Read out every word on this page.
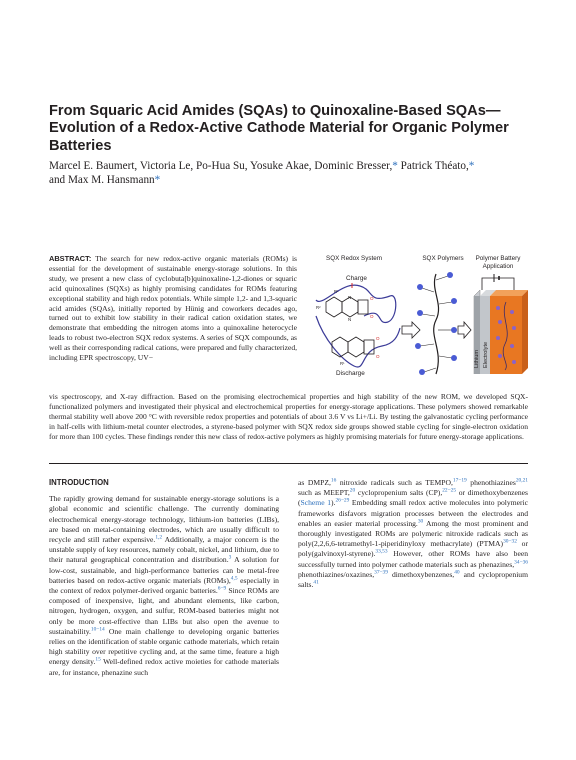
From Squaric Acid Amides (SQAs) to Quinoxaline-Based SQAs—Evolution of a Redox-Active Cathode Material for Organic Polymer Batteries

Marcel E. Baumert, Victoria Le, Po-Hua Su, Yosuke Akae, Dominic Bresser,* Patrick Théato,*
and Max M. Hansmann*

ABSTRACT: The search for new redox-active organic materials (ROMs) is essential for the development of sustainable energy-storage solutions. In this study, we present a new class of cyclobuta[b]quinoxaline-1,2-diones or squaric acid quinoxalines (SQXs) as highly promising candidates for ROMs featuring exceptional stability and high redox potentials. While simple 1,2- and 1,3-squaric acid amides (SQAs), initially reported by Hünig and coworkers decades ago, turned out to exhibit low stability in their radical cation oxidation states, we demonstrate that embedding the nitrogen atoms into a quinoxaline heterocycle leads to robust two-electron SQX redox systems. A series of SQX compounds, as well as their corresponding radical cations, were prepared and fully characterized, including EPR spectroscopy, UV−

SQX Redox System	SQX Polymers Polymer Battery
Application
Charge
Discharge
N
N
O
O
R²
R¹
O
O
R¹	Lithium Electrolyte

vis spectroscopy, and X-ray diffraction. Based on the promising electrochemical properties and high stability of the new ROM, we developed SQX-functionalized polymers and investigated their physical and electrochemical properties for energy-storage applications. These polymers showed remarkable thermal stability well above 200 °C with reversible redox properties and potentials of about 3.6 V vs Li+/Li. By testing the galvanostatic cycling performance in half-cells with lithium-metal counter electrodes, a styrene-based polymer with SQX redox side groups showed stable cycling for single-electron oxidation for more than 100 cycles. These findings render this new class of redox-active polymers as highly promising materials for future energy-storage applications.

INTRODUCTION

The rapidly growing demand for sustainable energy-storage solutions is a global economic and scientific challenge. The currently dominating electrochemical energy-storage technology, lithium-ion batteries (LIBs), are based on metal-containing electrodes, which are usually difficult to recycle and still rather expensive.$^{1,2}$ Additionally, a major concern is the unstable supply of key resources, namely cobalt, nickel, and lithium, due to their natural geographical concentration and distribution.$^3$ A solution for low-cost, sustainable, and high-performance batteries can be metal-free batteries based on redox-active organic materials (ROMs),$^{4,5}$ especially in the context of redox polymer-derived organic batteries.$^{6-9}$ Since ROMs are composed of inexpensive, light, and abundant elements, like carbon, nitrogen, hydrogen, oxygen, and sulfur, ROM-based batteries might not only be more cost-effective than LIBs but also open the avenue to sustainability.$^{10-14}$ One main challenge to developing organic batteries relies on the identification of stable organic cathode materials, which retain high stability over repetitive cycling and, at the same time, feature a high energy density.$^{15}$ Well-defined redox active moieties for cathode materials are, for instance, phenazine such

as DMPZ,$^{16}$ nitroxide radicals such as TEMPO,$^{17-19}$ phenothiazines$^{20,21}$ such as MEEPT,$^{20}$ cyclopropenium salts (CP),$^{22-25}$ or dimethoxybenzenes (Scheme 1).$^{26-29}$ Embedding small redox active molecules into polymeric frameworks disfavors migration processes between the electrodes and enables an easier material processing.$^{30}$ Among the most prominent and thoroughly investigated ROMs are polymeric nitroxide radicals such as poly(2,2,6,6-tetramethyl-1-piperidinyloxy methacrylate) (PTMA)$^{30-32}$ or poly(galvinoxyl-styrene).$^{33,53}$ However, other ROMs have also been successfully turned into polymer cathode materials such as phenazines,$^{34-36}$ phenothiazines/oxazines,$^{37-39}$ dimethoxybenzenes,$^{40}$ and cyclopropenium salts.$^{41}$
